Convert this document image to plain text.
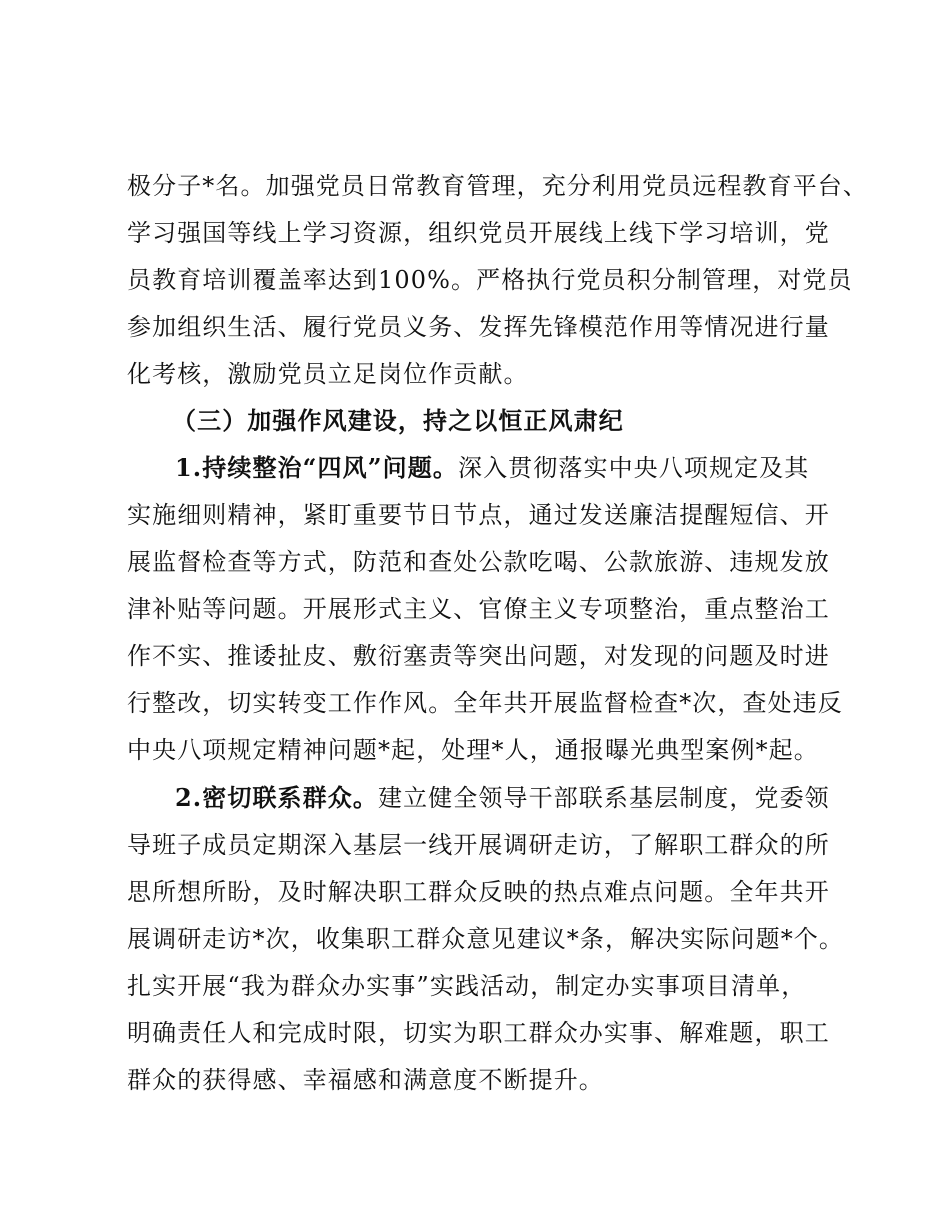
极分子*名。加强党员日常教育管理，充分利用党员远程教育平台、
学习强国等线上学习资源，组织党员开展线上线下学习培训，党
员教育培训覆盖率达到100%。严格执行党员积分制管理，对党员
参加组织生活、履行党员义务、发挥先锋模范作用等情况进行量
化考核，激励党员立足岗位作贡献。
（三）加强作风建设，持之以恒正风肃纪
1.持续整治“四风”问题。深入贯彻落实中央八项规定及其
实施细则精神，紧盯重要节日节点，通过发送廉洁提醒短信、开
展监督检查等方式，防范和查处公款吃喝、公款旅游、违规发放
津补贴等问题。开展形式主义、官僚主义专项整治，重点整治工
作不实、推诿扯皮、敷衍塞责等突出问题，对发现的问题及时进
行整改，切实转变工作作风。全年共开展监督检查*次，查处违反
中央八项规定精神问题*起，处理*人，通报曝光典型案例*起。
2.密切联系群众。建立健全领导干部联系基层制度，党委领
导班子成员定期深入基层一线开展调研走访，了解职工群众的所
思所想所盼，及时解决职工群众反映的热点难点问题。全年共开
展调研走访*次，收集职工群众意见建议*条，解决实际问题*个。
扎实开展“我为群众办实事”实践活动，制定办实事项目清单，
明确责任人和完成时限，切实为职工群众办实事、解难题，职工
群众的获得感、幸福感和满意度不断提升。
